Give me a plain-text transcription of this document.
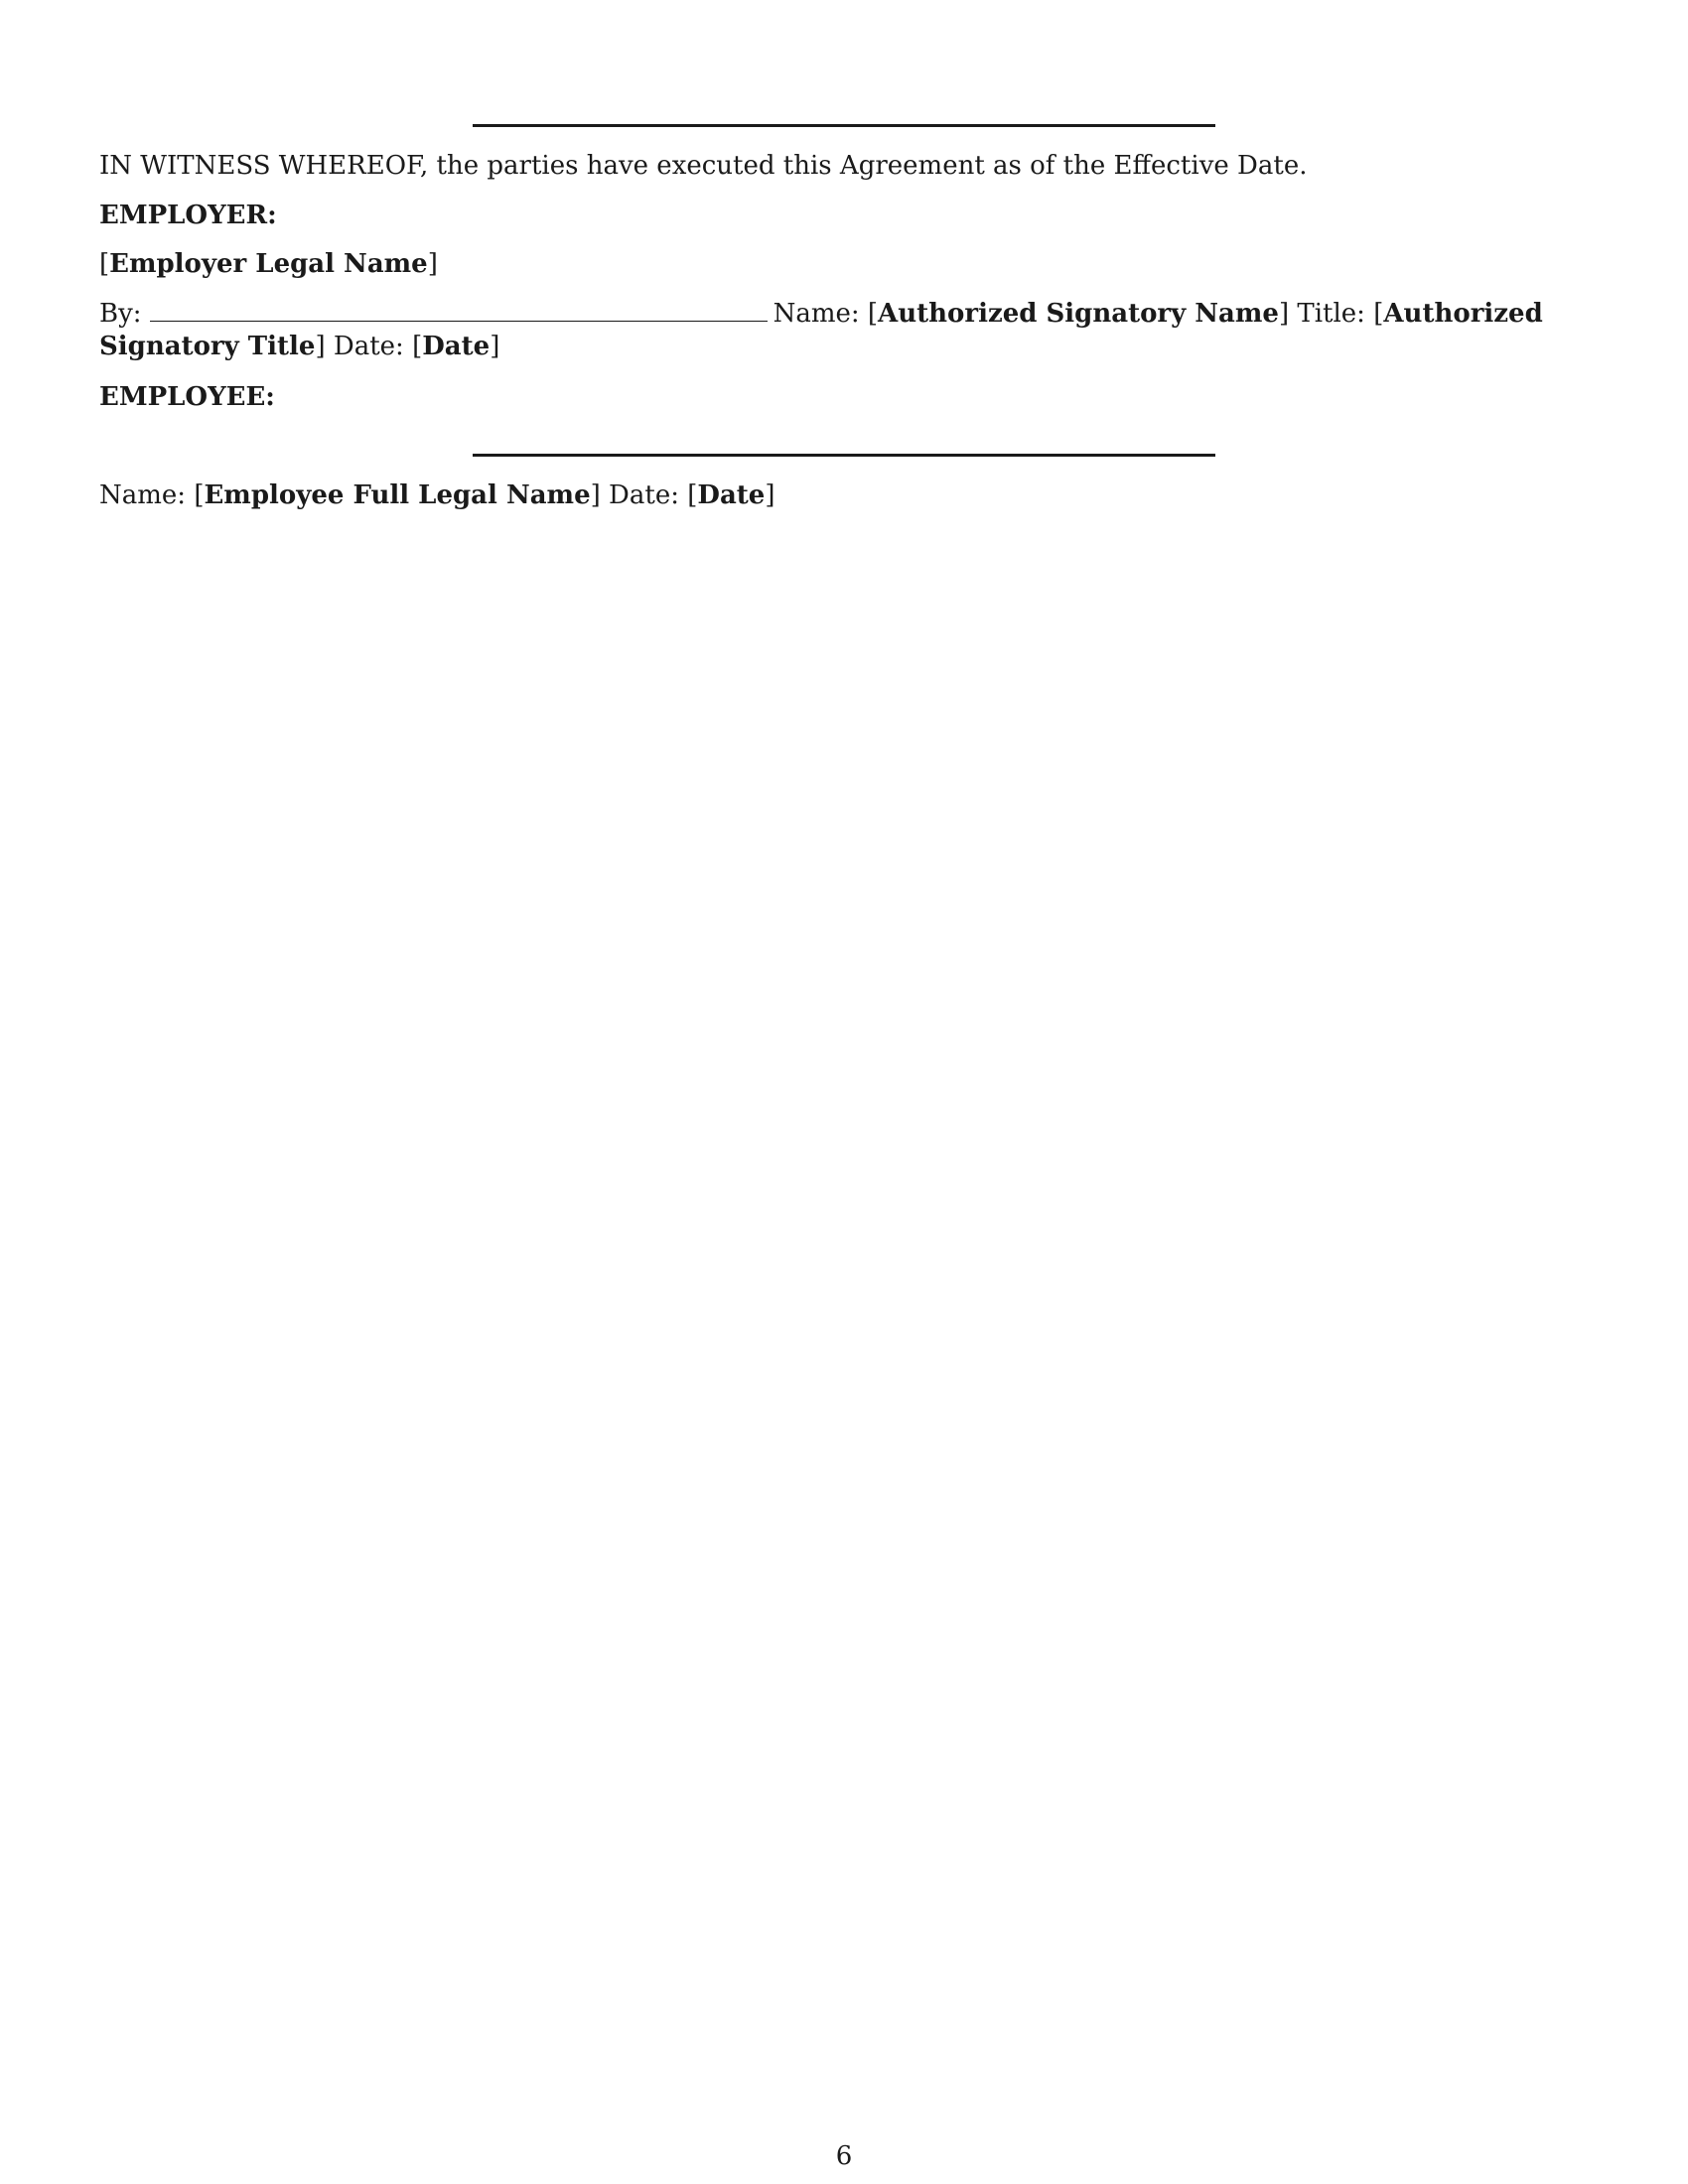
IN WITNESS WHEREOF, the parties have executed this Agreement as of the Effective Date.
EMPLOYER:
[Employer Legal Name]
By:	Name: [Authorized Signatory Name] Title: [Authorized Signatory Title] Date: [Date]
EMPLOYEE:
Name: [Employee Full Legal Name] Date: [Date]
6
